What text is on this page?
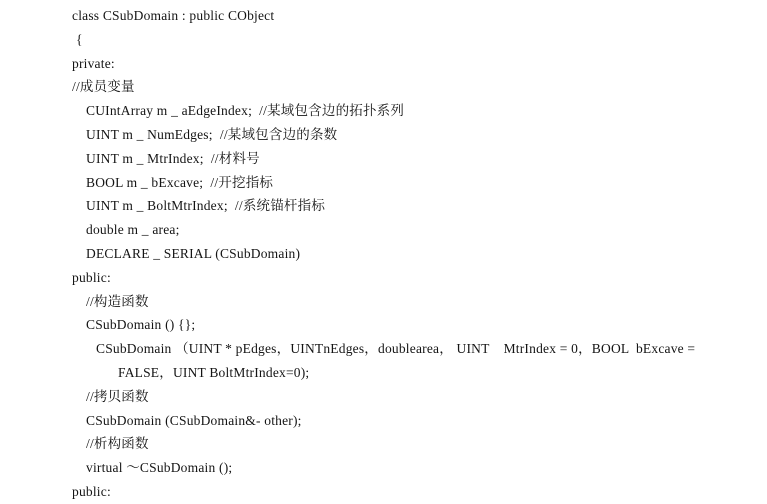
class CSubDomain : public CObject
{
private:
//成员变量
CUIntArray m _ aEdgeIndex;  //某域包含边的拓扑系列
UINT m _ NumEdges;  //某域包含边的条数
UINT m _ MtrIndex;  //材料号
BOOL m _ bExcave;  //开挖指标
UINT m _ BoltMtrIndex;  //系统锚杆指标
double m _ area;
DECLARE _ SERIAL (CSubDomain)
public:
//构造函数
CSubDomain () {};
CSubDomain （UINT * pEdges，UINTnEdges，doublearea， UINT    MtrIndex = 0，BOOL  bExcave =
FALSE，UINT BoltMtrIndex=0);
//拷贝函数
CSubDomain (CSubDomain&- other);
//析构函数
virtual ～CSubDomain ();
public:
